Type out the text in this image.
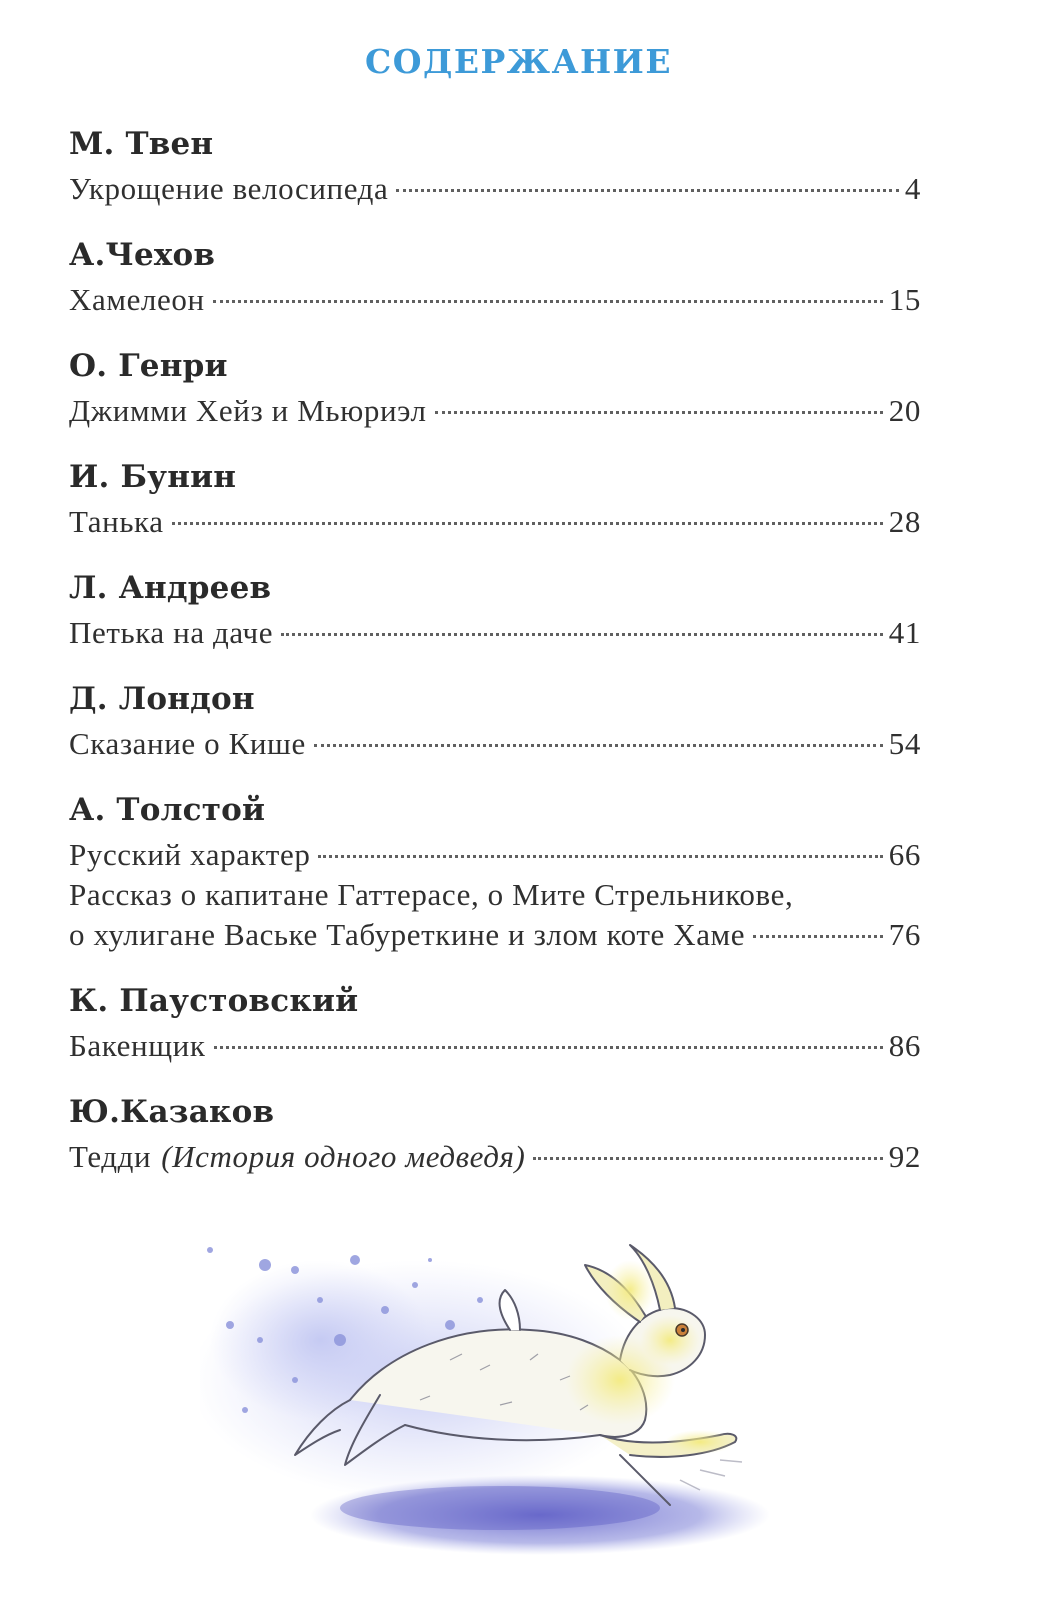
СОДЕРЖАНИЕ
М. Твен
Укрощение велосипеда	4
А.Чехов
Хамелеон	15
О. Генри
Джимми Хейз и Мьюриэл	20
И. Бунин
Танька	28
Л. Андреев
Петька на даче	41
Д. Лондон
Сказание о Кише	54
А. Толстой
Русский характер	66
Рассказ о капитане Гаттерасе, о Мите Стрельникове,
о хулигане Ваське Табуреткине и злом коте Хаме	76
К. Паустовский
Бакенщик	86
Ю.Казаков
Тедди (История одного медведя)	92
